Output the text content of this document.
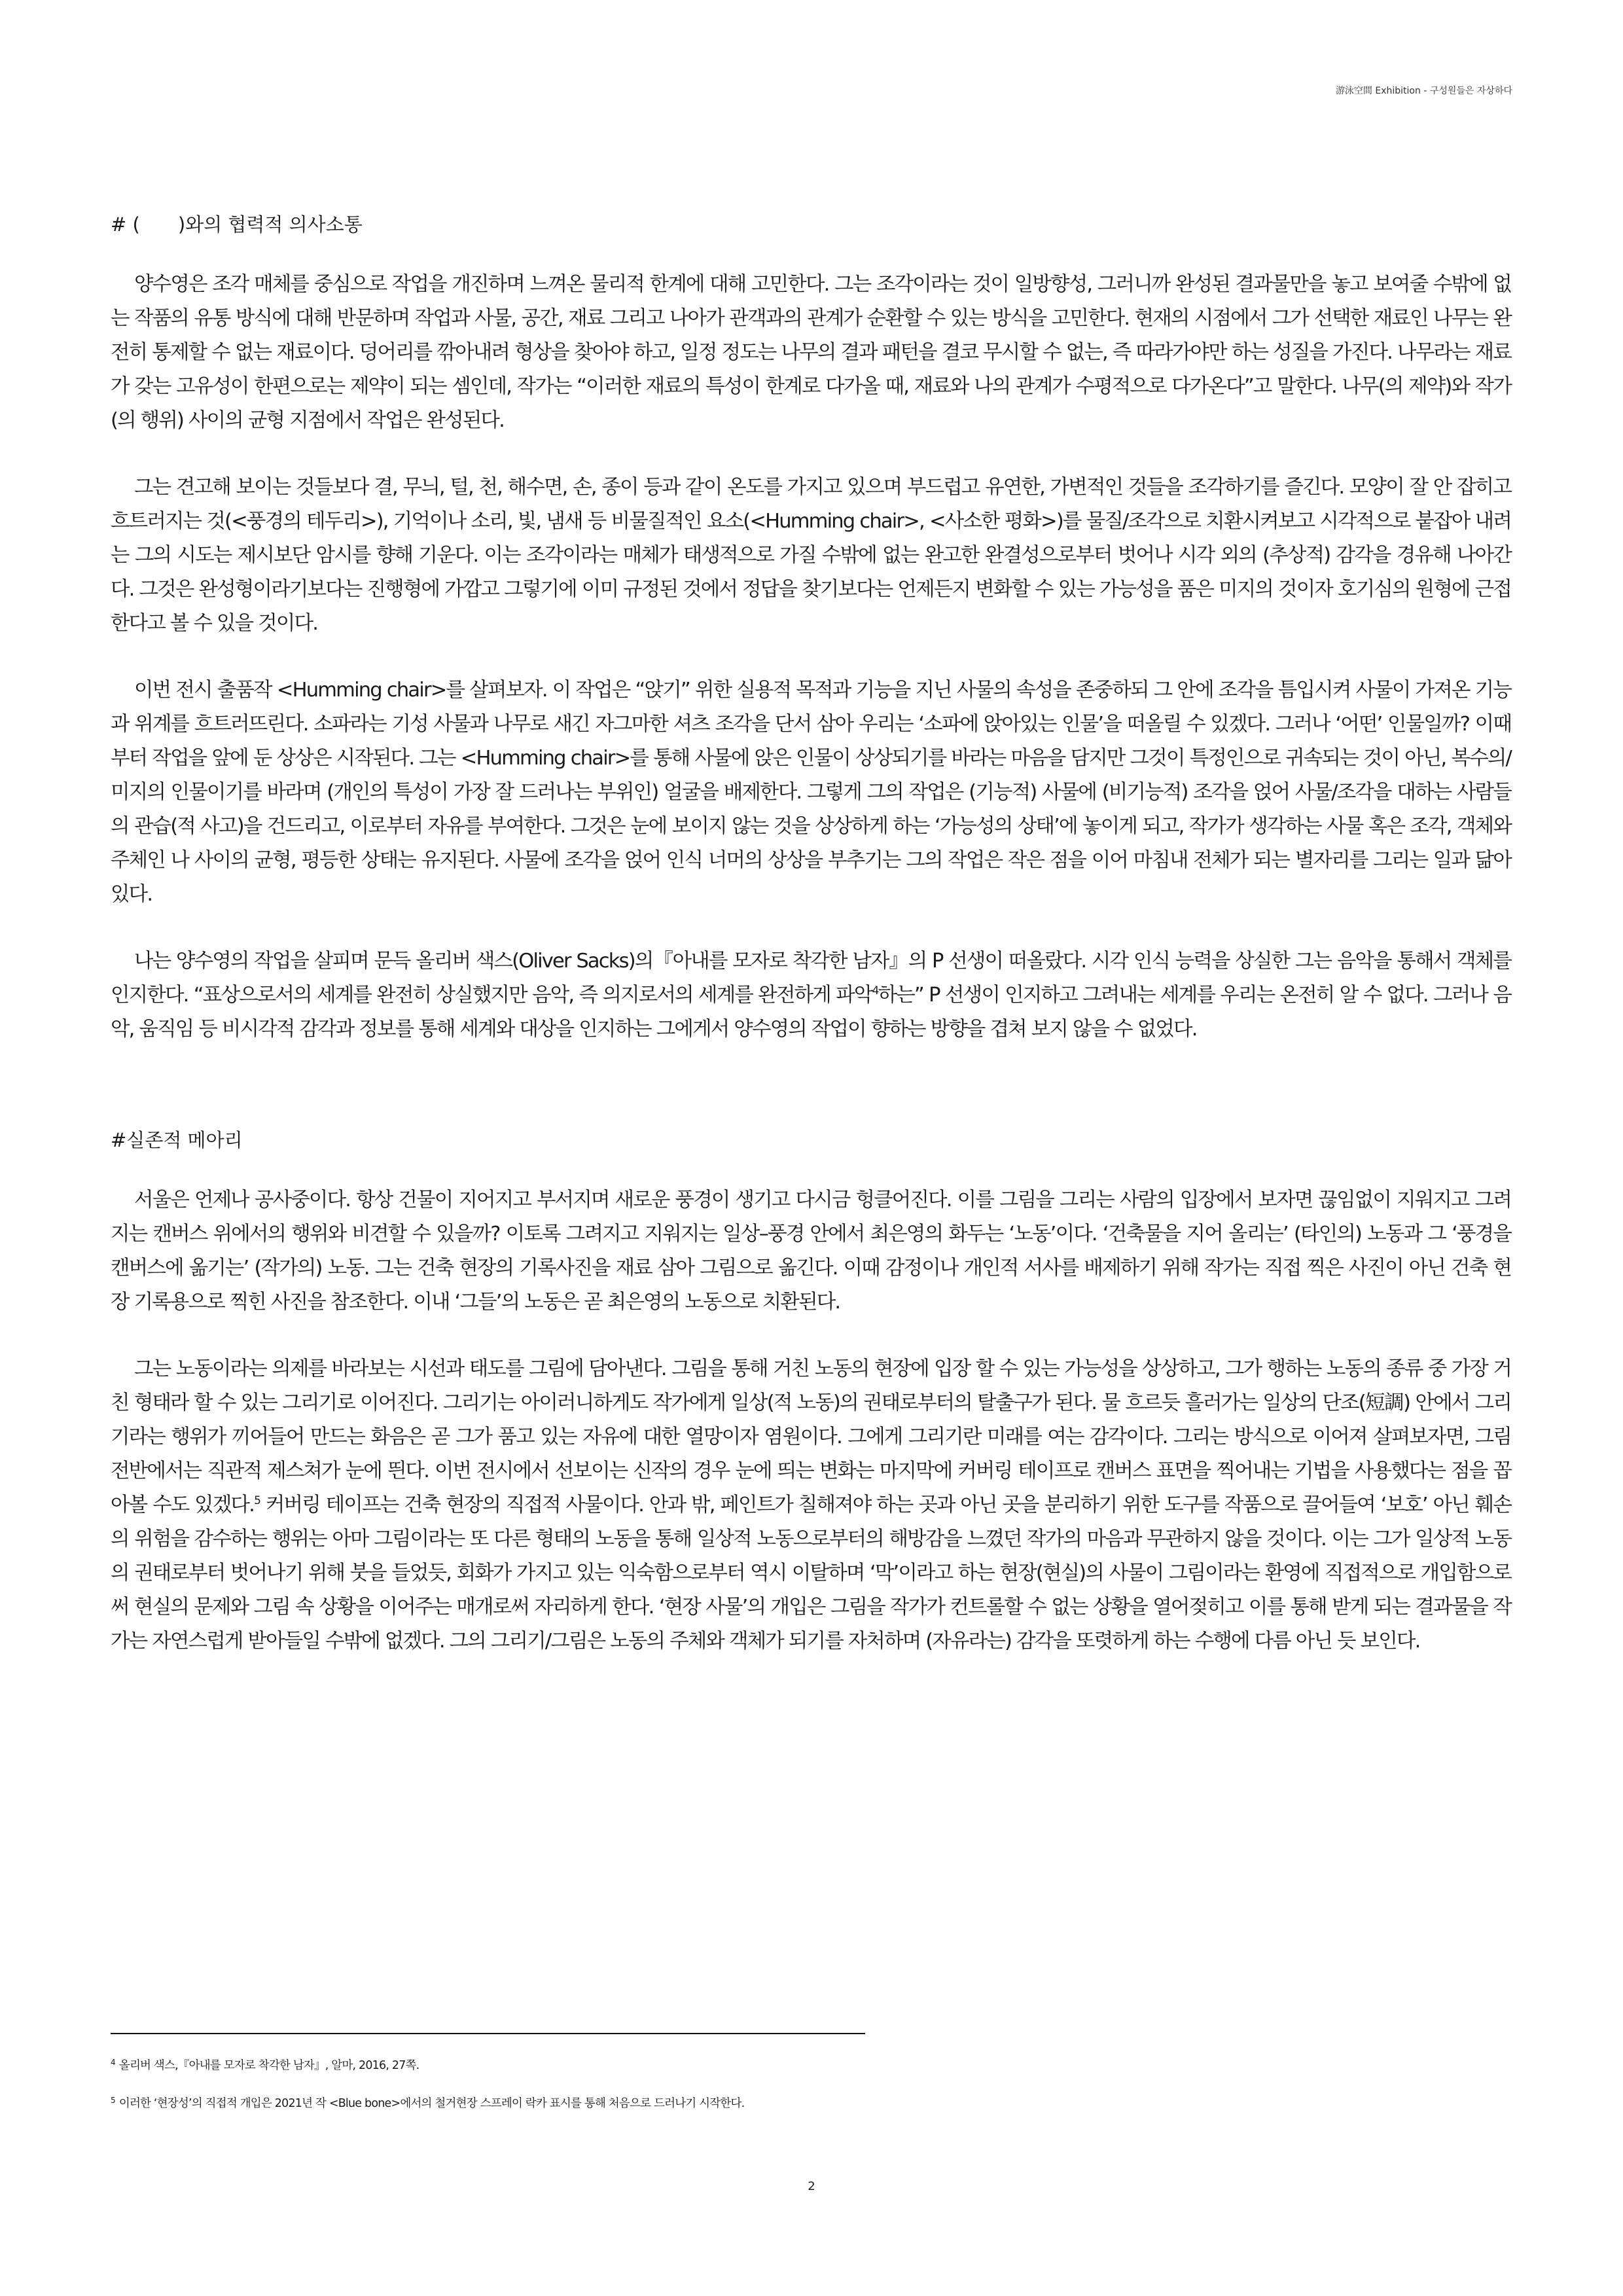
游泳空間 Exhibition - 구성원들은 자상하다
# (　　)와의 협력적 의사소통

양수영은 조각 매체를 중심으로 작업을 개진하며 느껴온 물리적 한계에 대해 고민한다. 그는 조각이라는 것이 일방향성, 그러니까 완성된 결과물만을 놓고 보여줄 수밖에 없는 작품의 유통 방식에 대해 반문하며 작업과 사물, 공간, 재료 그리고 나아가 관객과의 관계가 순환할 수 있는 방식을 고민한다. 현재의 시점에서 그가 선택한 재료인 나무는 완전히 통제할 수 없는 재료이다. 덩어리를 깎아내려 형상을 찾아야 하고, 일정 정도는 나무의 결과 패턴을 결코 무시할 수 없는, 즉 따라가야만 하는 성질을 가진다. 나무라는 재료가 갖는 고유성이 한편으로는 제약이 되는 셈인데, 작가는 “이러한 재료의 특성이 한계로 다가올 때, 재료와 나의 관계가 수평적으로 다가온다”고 말한다. 나무(의 제약)와 작가(의 행위) 사이의 균형 지점에서 작업은 완성된다.

그는 견고해 보이는 것들보다 결, 무늬, 털, 천, 해수면, 손, 종이 등과 같이 온도를 가지고 있으며 부드럽고 유연한, 가변적인 것들을 조각하기를 즐긴다. 모양이 잘 안 잡히고 흐트러지는 것(<풍경의 테두리>), 기억이나 소리, 빛, 냄새 등 비물질적인 요소(<Humming chair>, <사소한 평화>)를 물질/조각으로 치환시켜보고 시각적으로 붙잡아 내려는 그의 시도는 제시보단 암시를 향해 기운다. 이는 조각이라는 매체가 태생적으로 가질 수밖에 없는 완고한 완결성으로부터 벗어나 시각 외의 (추상적) 감각을 경유해 나아간다. 그것은 완성형이라기보다는 진행형에 가깝고 그렇기에 이미 규정된 것에서 정답을 찾기보다는 언제든지 변화할 수 있는 가능성을 품은 미지의 것이자 호기심의 원형에 근접한다고 볼 수 있을 것이다.

이번 전시 출품작 <Humming chair>를 살펴보자. 이 작업은 “앉기” 위한 실용적 목적과 기능을 지닌 사물의 속성을 존중하되 그 안에 조각을 틈입시켜 사물이 가져온 기능과 위계를 흐트러뜨린다. 소파라는 기성 사물과 나무로 새긴 자그마한 셔츠 조각을 단서 삼아 우리는 ‘소파에 앉아있는 인물’을 떠올릴 수 있겠다. 그러나 ‘어떤’ 인물일까? 이때부터 작업을 앞에 둔 상상은 시작된다. 그는 <Humming chair>를 통해 사물에 앉은 인물이 상상되기를 바라는 마음을 담지만 그것이 특정인으로 귀속되는 것이 아닌, 복수의/미지의 인물이기를 바라며 (개인의 특성이 가장 잘 드러나는 부위인) 얼굴을 배제한다. 그렇게 그의 작업은 (기능적) 사물에 (비기능적) 조각을 얹어 사물/조각을 대하는 사람들의 관습(적 사고)을 건드리고, 이로부터 자유를 부여한다. 그것은 눈에 보이지 않는 것을 상상하게 하는 ‘가능성의 상태’에 놓이게 되고, 작가가 생각하는 사물 혹은 조각, 객체와 주체인 나 사이의 균형, 평등한 상태는 유지된다. 사물에 조각을 얹어 인식 너머의 상상을 부추기는 그의 작업은 작은 점을 이어 마침내 전체가 되는 별자리를 그리는 일과 닮아있다.

나는 양수영의 작업을 살피며 문득 올리버 색스(Oliver Sacks)의『아내를 모자로 착각한 남자』의 P 선생이 떠올랐다. 시각 인식 능력을 상실한 그는 음악을 통해서 객체를 인지한다. “표상으로서의 세계를 완전히 상실했지만 음악, 즉 의지로서의 세계를 완전하게 파악$^4$하는” P 선생이 인지하고 그려내는 세계를 우리는 온전히 알 수 없다. 그러나 음악, 움직임 등 비시각적 감각과 정보를 통해 세계와 대상을 인지하는 그에게서 양수영의 작업이 향하는 방향을 겹쳐 보지 않을 수 없었다.

#실존적 메아리

서울은 언제나 공사중이다. 항상 건물이 지어지고 부서지며 새로운 풍경이 생기고 다시금 헝클어진다. 이를 그림을 그리는 사람의 입장에서 보자면 끊임없이 지워지고 그려지는 캔버스 위에서의 행위와 비견할 수 있을까? 이토록 그려지고 지워지는 일상–풍경 안에서 최은영의 화두는 ‘노동’이다. ‘건축물을 지어 올리는’ (타인의) 노동과 그 ‘풍경을 캔버스에 옮기는’ (작가의) 노동. 그는 건축 현장의 기록사진을 재료 삼아 그림으로 옮긴다. 이때 감정이나 개인적 서사를 배제하기 위해 작가는 직접 찍은 사진이 아닌 건축 현장 기록용으로 찍힌 사진을 참조한다. 이내 ‘그들’의 노동은 곧 최은영의 노동으로 치환된다.

그는 노동이라는 의제를 바라보는 시선과 태도를 그림에 담아낸다. 그림을 통해 거친 노동의 현장에 입장 할 수 있는 가능성을 상상하고, 그가 행하는 노동의 종류 중 가장 거친 형태라 할 수 있는 그리기로 이어진다. 그리기는 아이러니하게도 작가에게 일상(적 노동)의 권태로부터의 탈출구가 된다. 물 흐르듯 흘러가는 일상의 단조(短調) 안에서 그리기라는 행위가 끼어들어 만드는 화음은 곧 그가 품고 있는 자유에 대한 열망이자 염원이다. 그에게 그리기란 미래를 여는 감각이다. 그리는 방식으로 이어져 살펴보자면, 그림 전반에서는 직관적 제스쳐가 눈에 띈다. 이번 전시에서 선보이는 신작의 경우 눈에 띄는 변화는 마지막에 커버링 테이프로 캔버스 표면을 찍어내는 기법을 사용했다는 점을 꼽아볼 수도 있겠다.$^5$ 커버링 테이프는 건축 현장의 직접적 사물이다. 안과 밖, 페인트가 칠해져야 하는 곳과 아닌 곳을 분리하기 위한 도구를 작품으로 끌어들여 ‘보호’ 아닌 훼손의 위험을 감수하는 행위는 아마 그림이라는 또 다른 형태의 노동을 통해 일상적 노동으로부터의 해방감을 느꼈던 작가의 마음과 무관하지 않을 것이다. 이는 그가 일상적 노동의 권태로부터 벗어나기 위해 붓을 들었듯, 회화가 가지고 있는 익숙함으로부터 역시 이탈하며 ‘막’이라고 하는 현장(현실)의 사물이 그림이라는 환영에 직접적으로 개입함으로써 현실의 문제와 그림 속 상황을 이어주는 매개로써 자리하게 한다. ‘현장 사물’의 개입은 그림을 작가가 컨트롤할 수 없는 상황을 열어젖히고 이를 통해 받게 되는 결과물을 작가는 자연스럽게 받아들일 수밖에 없겠다. 그의 그리기/그림은 노동의 주체와 객체가 되기를 자처하며 (자유라는) 감각을 또렷하게 하는 수행에 다름 아닌 듯 보인다.

$^4$ 올리버 색스,『아내를 모자로 착각한 남자』, 알마, 2016, 27쪽.

$^5$ 이러한 ‘현장성’의 직접적 개입은 2021년 작 <Blue bone>에서의 철거현장 스프레이 락카 표시를 통해 처음으로 드러나기 시작한다.

2
